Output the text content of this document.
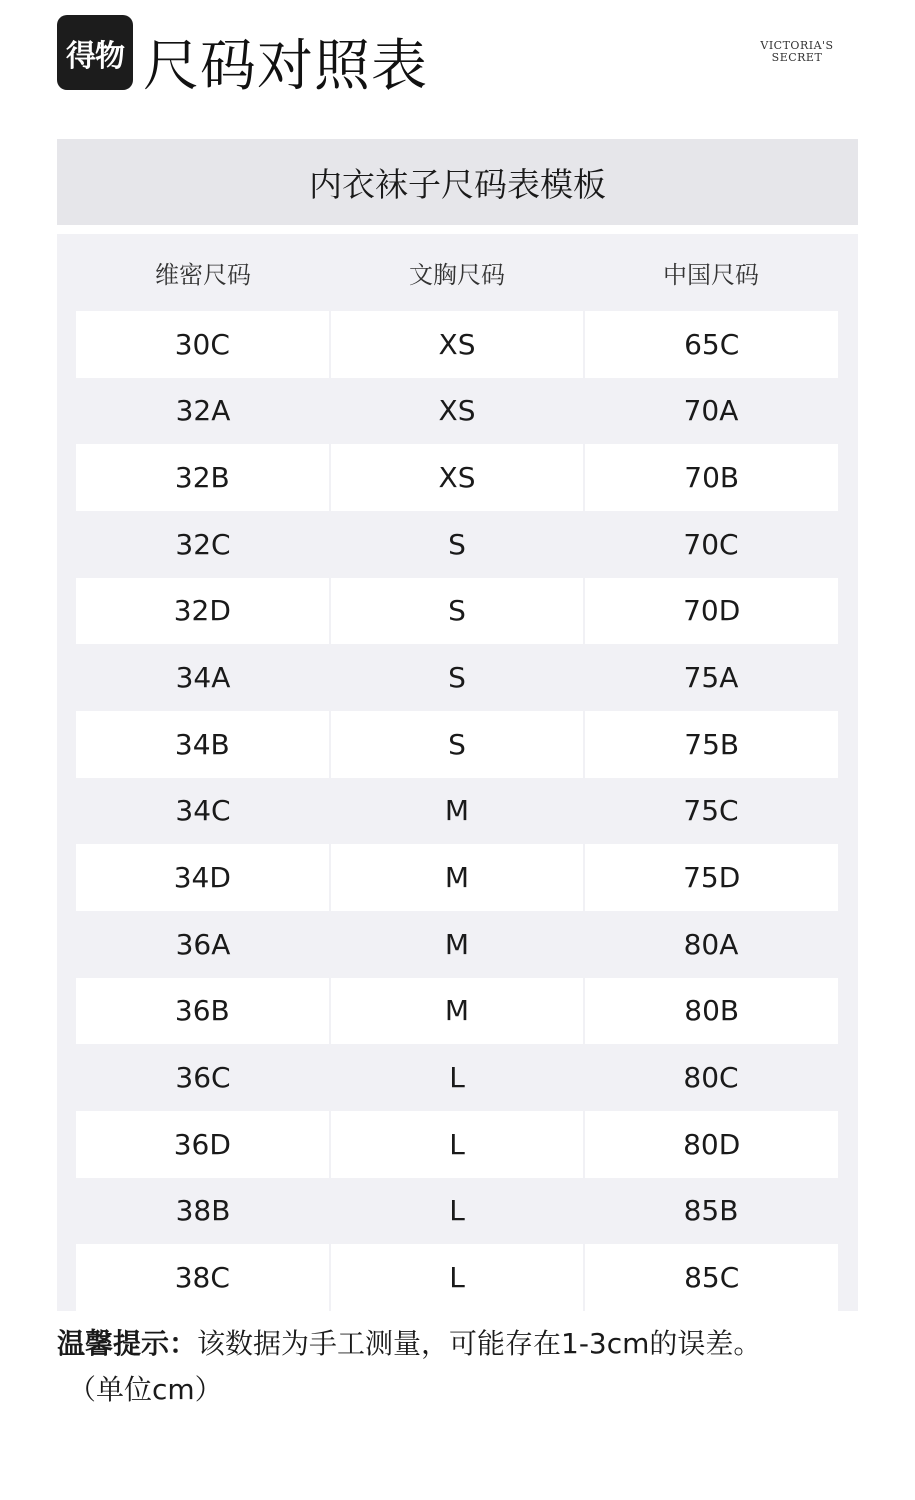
得物 尺码对照表	VICTORIA'S
SECRET
内衣袜子尺码表模板
维密尺码	文胸尺码	中国尺码
30C	XS	65C
32A	XS	70A
32B	XS	70B
32C	S	70C
32D	S	70D
34A	S	75A
34B	S	75B
34C	M	75C
34D	M	75D
36A	M	80A
36B	M	80B
36C	L	80C
36D	L	80D
38B	L	85B
38C	L	85C
温馨提示：该数据为手工测量，可能存在1-3cm的误差。
（单位cm）
